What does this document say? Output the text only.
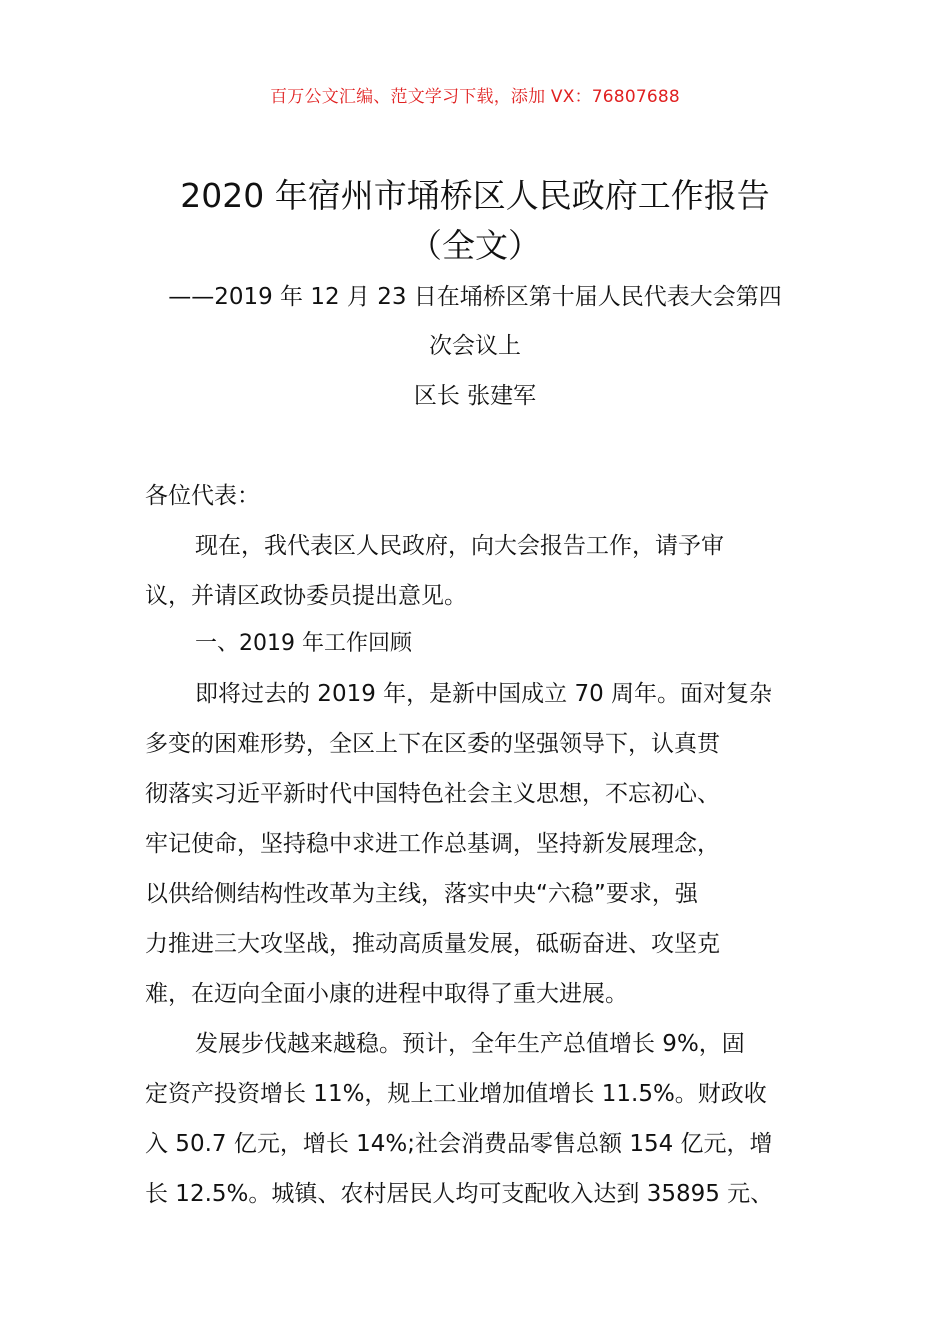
百万公文汇编、范文学习下载，添加 VX：76807688
2020 年宿州市埇桥区人民政府工作报告
（全文）
——2019 年 12 月 23 日在埇桥区第十届人民代表大会第四
次会议上
区长 张建军
各位代表：
现在，我代表区人民政府，向大会报告工作，请予审
议，并请区政协委员提出意见。
一、2019 年工作回顾
即将过去的 2019 年，是新中国成立 70 周年。面对复杂
多变的困难形势，全区上下在区委的坚强领导下，认真贯
彻落实习近平新时代中国特色社会主义思想，不忘初心、
牢记使命，坚持稳中求进工作总基调，坚持新发展理念，
以供给侧结构性改革为主线，落实中央“六稳”要求，强
力推进三大攻坚战，推动高质量发展，砥砺奋进、攻坚克
难，在迈向全面小康的进程中取得了重大进展。
发展步伐越来越稳。预计，全年生产总值增长 9%，固
定资产投资增长 11%，规上工业增加值增长 11.5%。财政收
入 50.7 亿元，增长 14%;社会消费品零售总额 154 亿元，增
长 12.5%。城镇、农村居民人均可支配收入达到 35895 元、
